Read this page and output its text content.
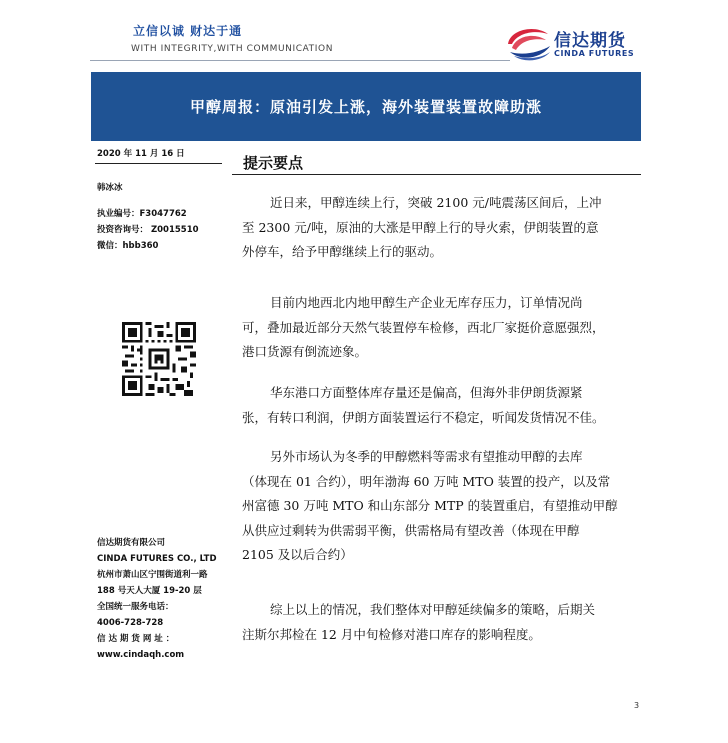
立信以诚 财达于通
WITH INTEGRITY,WITH COMMUNICATION	信达期货
CINDA FUTURES
甲醇周报：原油引发上涨，海外装置装置故障助涨
2020 年 11 月 16 日
韩冰冰
执业编号：F3047762
投资咨询号： Z0015510
微信：hbb360
信达期货有限公司
CINDA FUTURES CO., LTD
杭州市萧山区宁围街道利一路
188 号天人大厦 19-20 层
全国统一服务电话：
4006-728-728
信 达 期 货 网 址 ：
www.cindaqh.com
提示要点
近日来，甲醇连续上行，突破 2100 元/吨震荡区间后，上冲
至 2300 元/吨，原油的大涨是甲醇上行的导火索，伊朗装置的意
外停车，给予甲醇继续上行的驱动。
目前内地西北内地甲醇生产企业无库存压力，订单情况尚
可，叠加最近部分天然气装置停车检修，西北厂家挺价意愿强烈，
港口货源有倒流迹象。
华东港口方面整体库存量还是偏高，但海外非伊朗货源紧
张，有转口利润，伊朗方面装置运行不稳定，听闻发货情况不佳。
另外市场认为冬季的甲醇燃料等需求有望推动甲醇的去库
（体现在 01 合约），明年渤海 60 万吨 MTO 装置的投产，以及常
州富德 30 万吨 MTO 和山东部分 MTP 的装置重启，有望推动甲醇
从供应过剩转为供需弱平衡，供需格局有望改善（体现在甲醇
2105 及以后合约）
综上以上的情况，我们整体对甲醇延续偏多的策略，后期关
注斯尔邦检在 12 月中旬检修对港口库存的影响程度。
3
